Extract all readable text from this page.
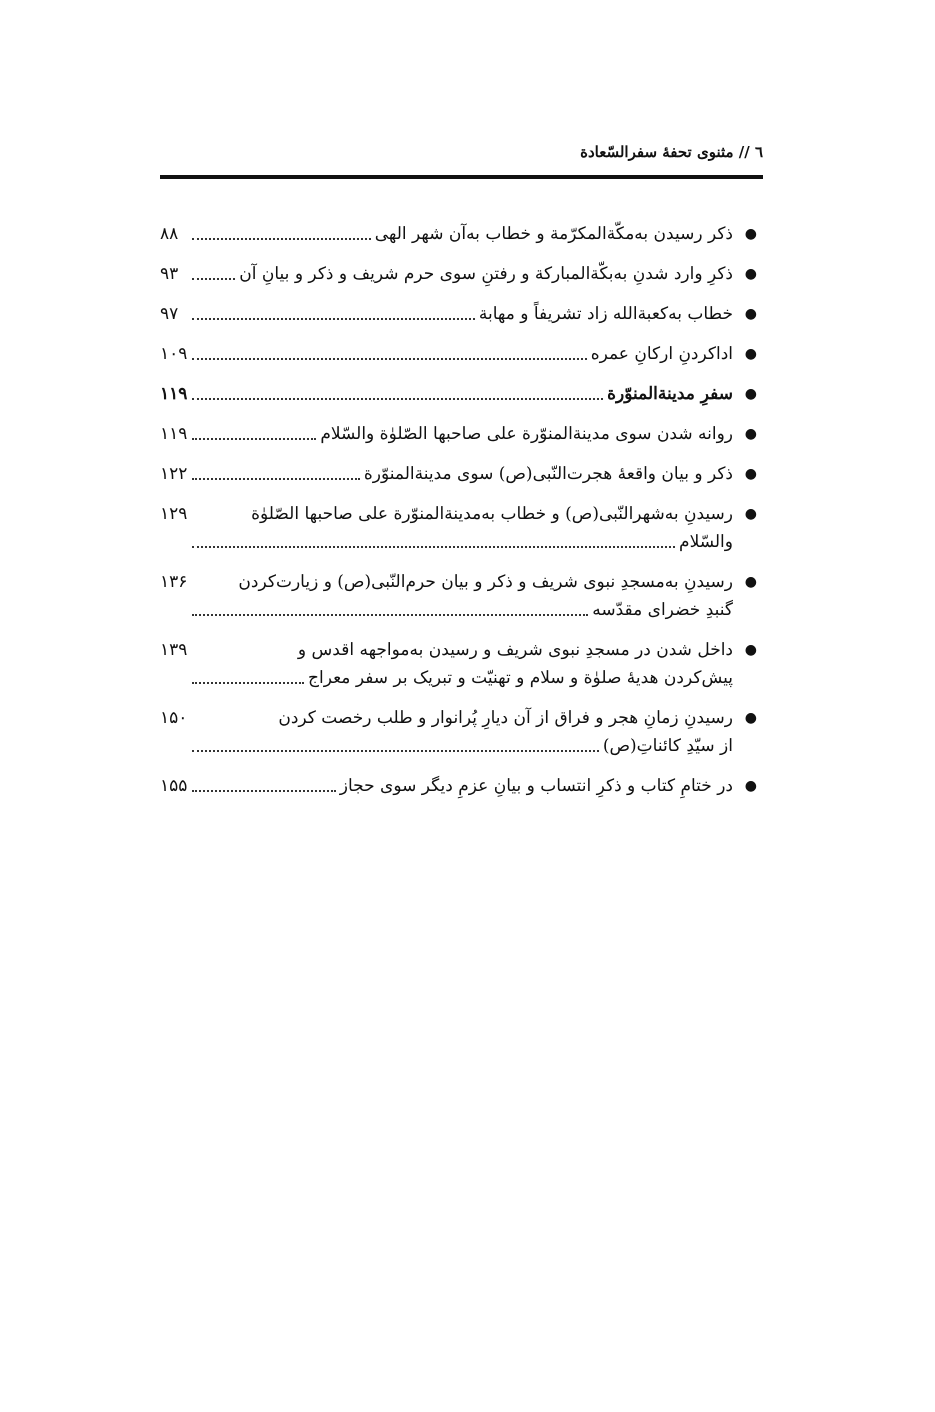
٦ // مثنوی تحفهٔ سفرالسّعادة
●
ذکر رسیدن به‌مکّةالمکرّمة و خطاب به‌آن شهر الهی
۸۸
●
ذکرِ وارد شدنِ به‌بکّةالمبارکة و رفتنِ سوی حرم شریف و ذکر و بیانِ آن
۹۳
●
خطاب به‌کعبةالله زاد تشریفاً و مهابة
۹۷
●
اداکردنِ ارکانِ عمره
۱۰۹
●
سفرِ مدینةالمنوّرة
۱۱۹
●
روانه شدن سوی مدینةالمنوّرة علی صاحبها الصّلوٰة والسّلام
۱۱۹
●
ذکر و بیان واقعهٔ هجرت‌النّبی(ص) سوی مدینةالمنوّرة
۱۲۲
●
رسیدنِ به‌شهرالنّبی(ص) و خطاب به‌مدینةالمنوّرة علی صاحبها الصّلوٰة
۱۲۹
والسّلام
●
رسیدنِ به‌مسجدِ نبوی شریف و ذکر و بیان حرم‌النّبی(ص) و زیارت‌کردن
۱۳۶
گنبدِ خضرای مقدّسه
●
داخل شدن در مسجدِ نبوی شریف و رسیدن به‌مواجهه اقدس و
۱۳۹
پیش‌کردن هدیهٔ صلوٰة و سلام و تهنیّت و تبریک بر سفر معراج
●
رسیدنِ زمانِ هجر و فراق از آن دیارِ پُرانوار و طلب رخصت کردن
۱۵۰
از سیّدِ کائناتِ(ص)
●
در ختامِ کتاب و ذکرِ انتساب و بیانِ عزمِ دیگر سوی حجاز
۱۵۵
